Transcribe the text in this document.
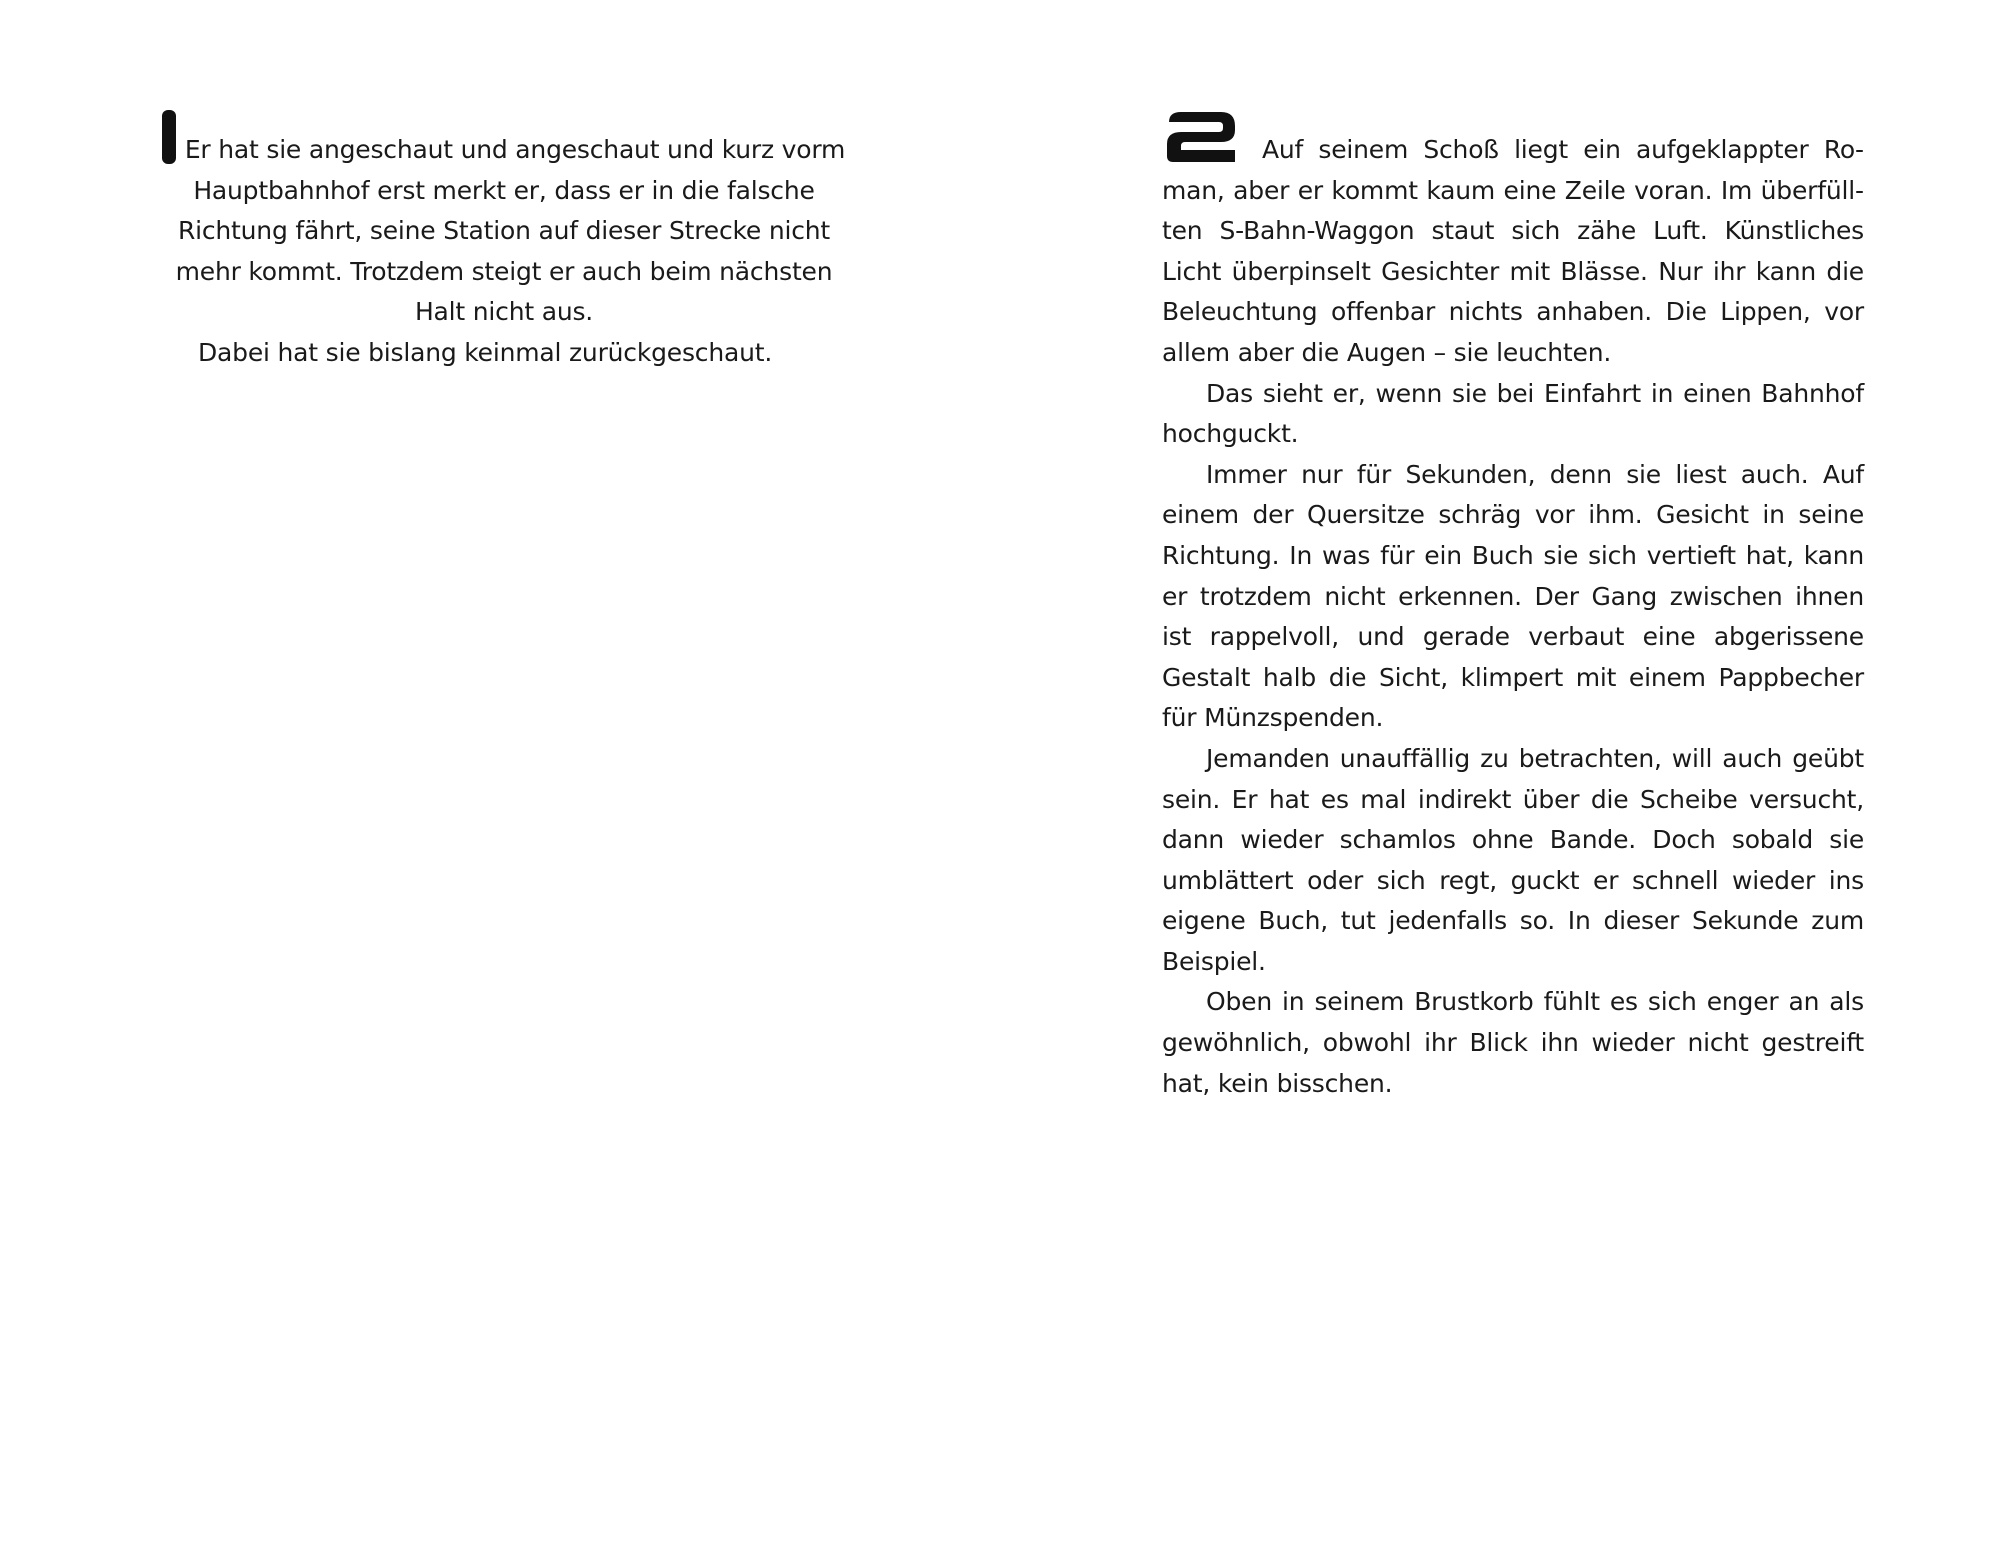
Er hat sie angeschaut und angeschaut und kurz vorm Hauptbahnhof erst merkt er, dass er in die falsche Richtung fährt, seine Station auf dieser Strecke nicht mehr kommt. Trotzdem steigt er auch beim nächsten Halt nicht aus.

Dabei hat sie bislang keinmal zurückgeschaut.

Auf seinem Schoß liegt ein aufgeklappter Roman, aber er kommt kaum eine Zeile voran. Im überfüllten S-Bahn-Waggon staut sich zähe Luft. Künstliches Licht überpinselt Gesichter mit Blässe. Nur ihr kann die Beleuchtung offenbar nichts anhaben. Die Lippen, vor allem aber die Augen – sie leuchten.

Das sieht er, wenn sie bei Einfahrt in einen Bahnhof hochguckt.

Immer nur für Sekunden, denn sie liest auch. Auf einem der Quersitze schräg vor ihm. Gesicht in seine Richtung. In was für ein Buch sie sich vertieft hat, kann er trotzdem nicht erkennen. Der Gang zwischen ihnen ist rappelvoll, und gerade verbaut eine abgerissene Gestalt halb die Sicht, klimpert mit einem Pappbecher für Münzspenden.

Jemanden unauffällig zu betrachten, will auch geübt sein. Er hat es mal indirekt über die Scheibe versucht, dann wieder schamlos ohne Bande. Doch sobald sie umblättert oder sich regt, guckt er schnell wieder ins eigene Buch, tut jedenfalls so. In dieser Sekunde zum Beispiel.

Oben in seinem Brustkorb fühlt es sich enger an als gewöhnlich, obwohl ihr Blick ihn wieder nicht gestreift hat, kein bisschen.
